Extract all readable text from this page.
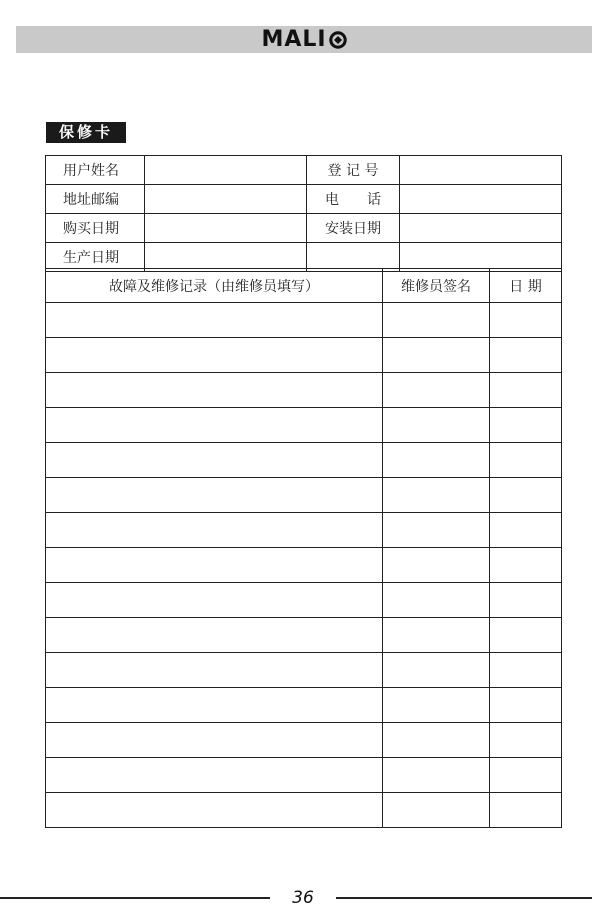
MALI
保修卡
用户姓名		登 记 号	
地址邮编		电　　话	
购买日期		安装日期	
生产日期			
故障及维修记录（由维修员填写）	维修员签名	日 期

36
